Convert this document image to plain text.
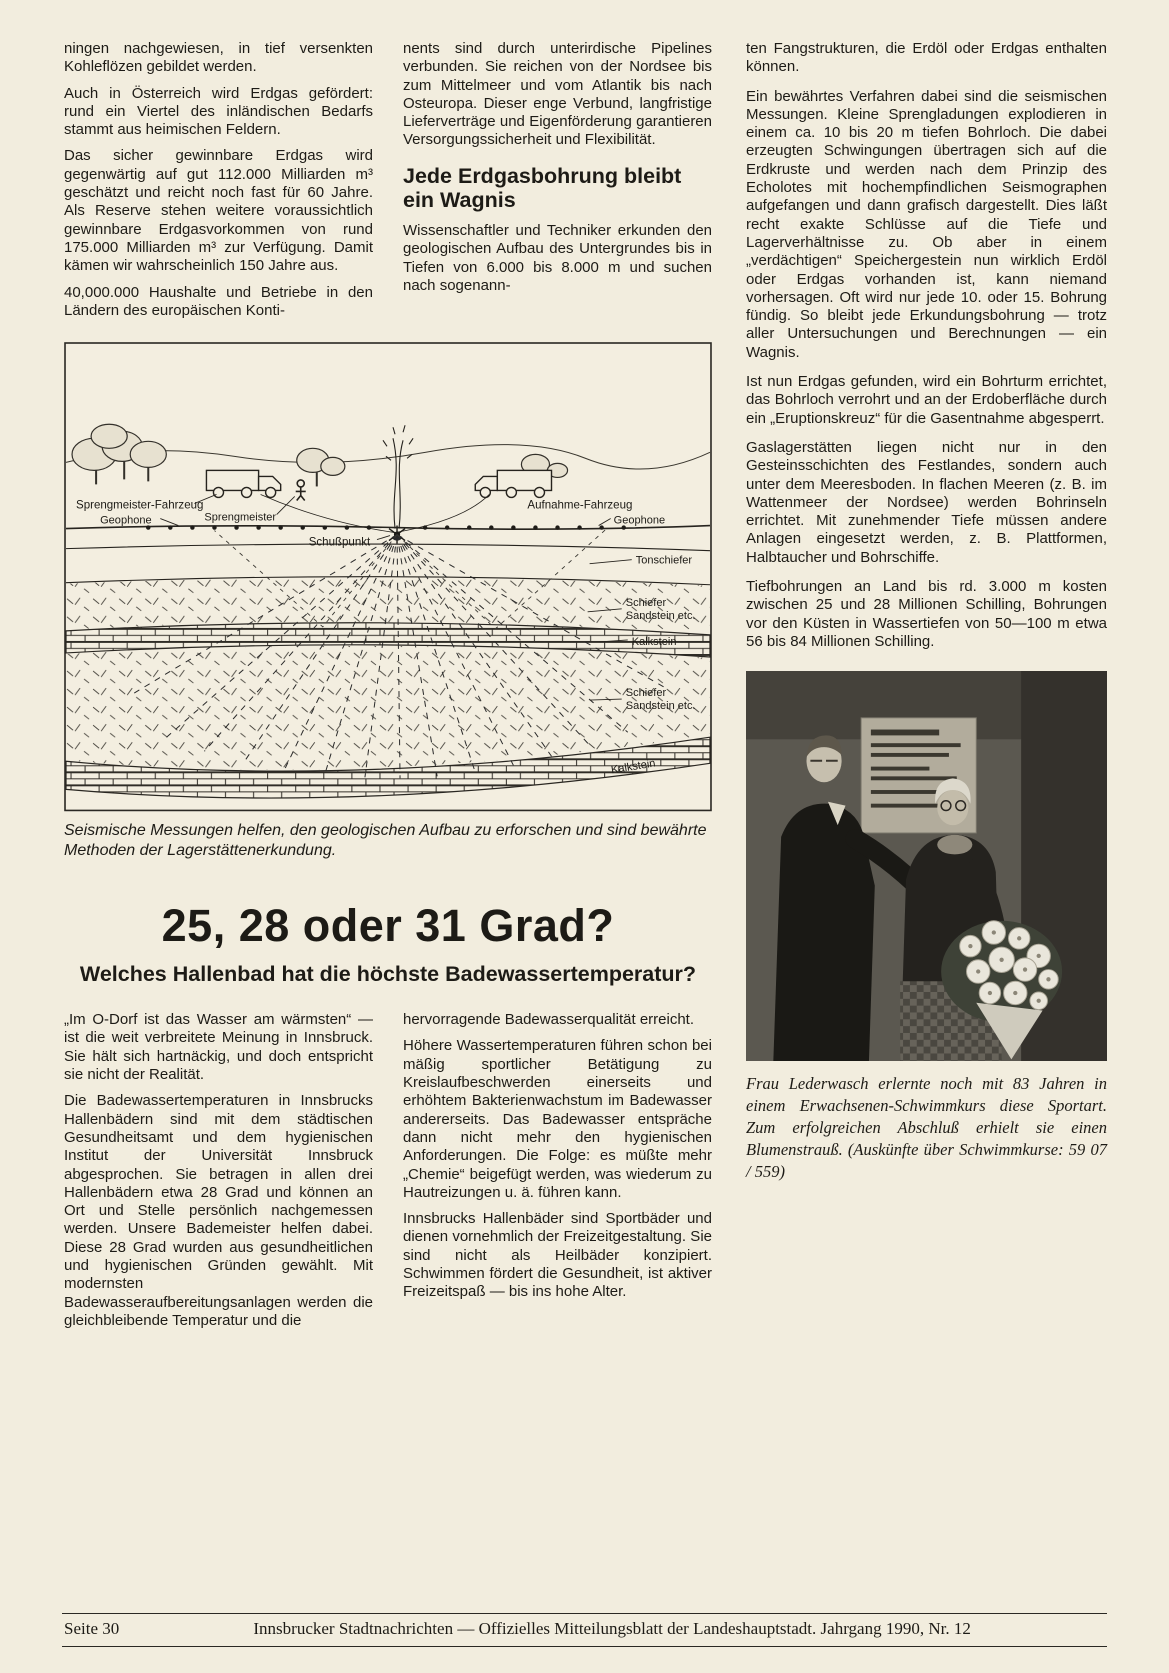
ningen nachgewiesen, in tief versenkten Kohleflözen gebildet werden.

Auch in Österreich wird Erdgas gefördert: rund ein Viertel des inländischen Bedarfs stammt aus heimischen Feldern.

Das sicher gewinnbare Erdgas wird gegenwärtig auf gut 112.000 Milliarden m³ geschätzt und reicht noch fast für 60 Jahre. Als Reserve stehen weitere voraussichtlich gewinnbare Erdgasvorkommen von rund 175.000 Milliarden m³ zur Verfügung. Damit kämen wir wahrscheinlich 150 Jahre aus.

40,000.000 Haushalte und Betriebe in den Ländern des europäischen Konti-

nents sind durch unterirdische Pipelines verbunden. Sie reichen von der Nordsee bis zum Mittelmeer und vom Atlantik bis nach Osteuropa. Dieser enge Verbund, langfristige Lieferverträge und Eigenförderung garantieren Versorgungssicherheit und Flexibilität.

Jede Erdgasbohrung bleibt ein Wagnis

Wissenschaftler und Techniker erkunden den geologischen Aufbau des Untergrundes bis in Tiefen von 6.000 bis 8.000 m und suchen nach sogenann-

Sprengmeister-Fahrzeug
Geophone	Sprengmeister
Schußpunkt
Aufnahme-Fahrzeug
Geophone
Tonschiefer
Schiefer
Sandstein etc.
Kalkstein
Schiefer
Sandstein etc.
Kalkstein
Seismische Messungen helfen, den geologischen Aufbau zu erforschen und sind bewährte Methoden der Lagerstättenerkundung.
25, 28 oder 31 Grad?
Welches Hallenbad hat die höchste Badewassertemperatur?

„Im O-Dorf ist das Wasser am wärmsten“ — ist die weit verbreitete Meinung in Innsbruck. Sie hält sich hartnäckig, und doch entspricht sie nicht der Realität.

Die Badewassertemperaturen in Innsbrucks Hallenbädern sind mit dem städtischen Gesundheitsamt und dem hygienischen Institut der Universität Innsbruck abgesprochen. Sie betragen in allen drei Hallenbädern etwa 28 Grad und können an Ort und Stelle persönlich nachgemessen werden. Unsere Bademeister helfen dabei. Diese 28 Grad wurden aus gesundheitlichen und hygienischen Gründen gewählt. Mit modernsten Badewasseraufbereitungsanlagen werden die gleichbleibende Temperatur und die

hervorragende Badewasserqualität erreicht.

Höhere Wassertemperaturen führen schon bei mäßig sportlicher Betätigung zu Kreislaufbeschwerden einerseits und erhöhtem Bakterienwachstum im Badewasser andererseits. Das Badewasser entspräche dann nicht mehr den hygienischen Anforderungen. Die Folge: es müßte mehr „Chemie“ beigefügt werden, was wiederum zu Hautreizungen u. ä. führen kann.

Innsbrucks Hallenbäder sind Sportbäder und dienen vornehmlich der Freizeitgestaltung. Sie sind nicht als Heilbäder konzipiert. Schwimmen fördert die Gesundheit, ist aktiver Freizeitspaß — bis ins hohe Alter.

ten Fangstrukturen, die Erdöl oder Erdgas enthalten können.

Ein bewährtes Verfahren dabei sind die seismischen Messungen. Kleine Sprengladungen explodieren in einem ca. 10 bis 20 m tiefen Bohrloch. Die dabei erzeugten Schwingungen übertragen sich auf die Erdkruste und werden nach dem Prinzip des Echolotes mit hochempfindlichen Seismographen aufgefangen und dann grafisch dargestellt. Dies läßt recht exakte Schlüsse auf die Tiefe und Lagerverhältnisse zu. Ob aber in einem „verdächtigen“ Speichergestein nun wirklich Erdöl oder Erdgas vorhanden ist, kann niemand vorhersagen. Oft wird nur jede 10. oder 15. Bohrung fündig. So bleibt jede Erkundungsbohrung — trotz aller Untersuchungen und Berechnungen — ein Wagnis.

Ist nun Erdgas gefunden, wird ein Bohrturm errichtet, das Bohrloch verrohrt und an der Erdoberfläche durch ein „Eruptionskreuz“ für die Gasentnahme abgesperrt.

Gaslagerstätten liegen nicht nur in den Gesteinsschichten des Festlandes, sondern auch unter dem Meeresboden. In flachen Meeren (z. B. im Wattenmeer der Nordsee) werden Bohrinseln errichtet. Mit zunehmender Tiefe müssen andere Anlagen eingesetzt werden, z. B. Plattformen, Halbtaucher und Bohrschiffe.

Tiefbohrungen an Land bis rd. 3.000 m kosten zwischen 25 und 28 Millionen Schilling, Bohrungen vor den Küsten in Wassertiefen von 50—100 m etwa 56 bis 84 Millionen Schilling.

Frau Lederwasch erlernte noch mit 83 Jahren in einem Erwachsenen-Schwimmkurs diese Sportart. Zum erfolgreichen Abschluß erhielt sie einen Blumenstrauß. (Auskünfte über Schwimmkurse: 59 07 / 559)
Seite 30	Innsbrucker Stadtnachrichten — Offizielles Mitteilungsblatt der Landeshauptstadt. Jahrgang 1990, Nr. 12
